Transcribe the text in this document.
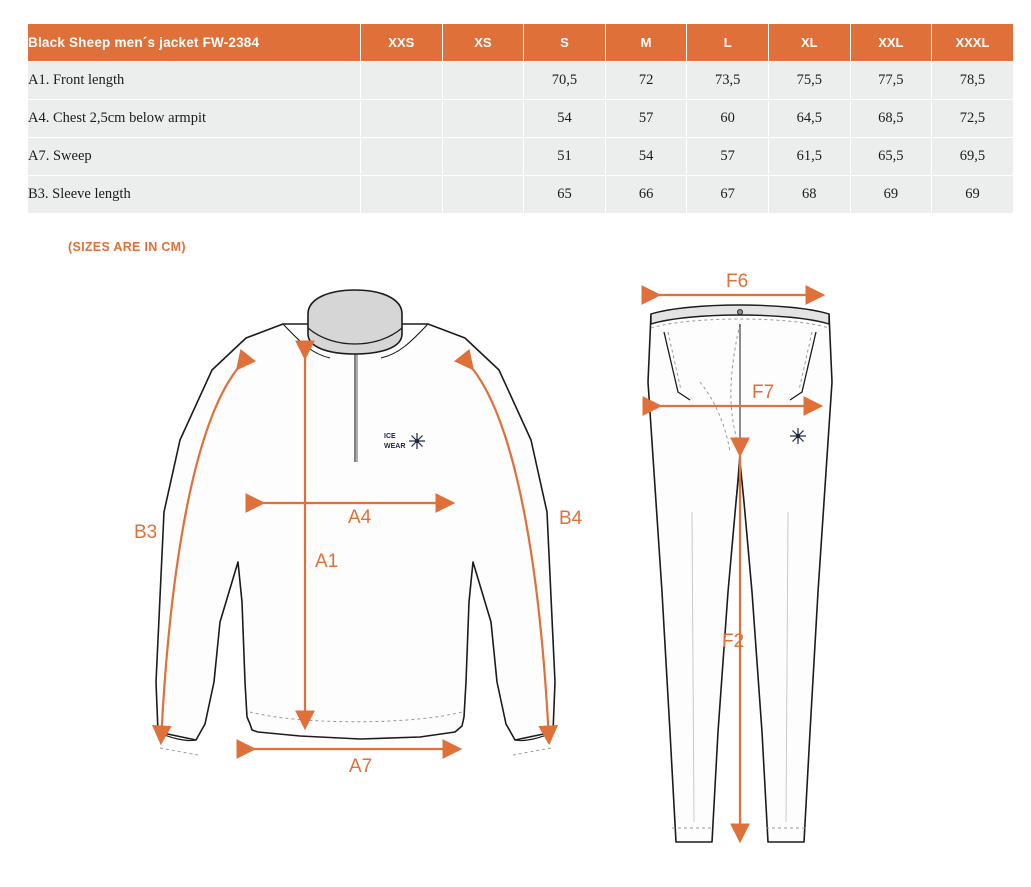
Black Sheep men´s jacket FW-2384	XXS	XS	S	M	L	XL	XXL	XXXL
A1. Front length			70,5	72	73,5	75,5	77,5	78,5
A4. Chest 2,5cm below armpit			54	57	60	64,5	68,5	72,5
A7. Sweep			51	54	57	61,5	65,5	69,5
B3. Sleeve length			65	66	67	68	69	69
(SIZES ARE IN CM)
ICE
WEAR
B3
B4
A4
A1
A7
F6
F7
F2
